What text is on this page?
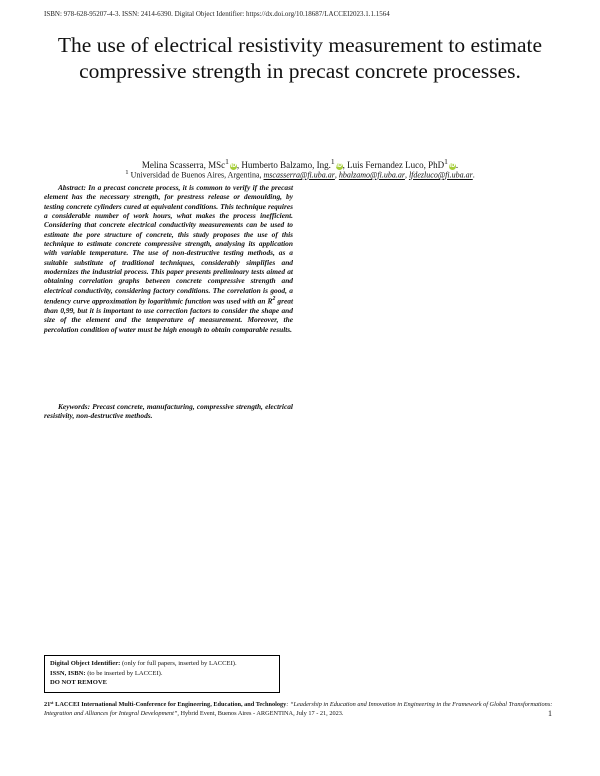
ISBN: 978-628-95207-4-3. ISSN: 2414-6390. Digital Object Identifier: https://dx.doi.org/10.18687/LACCEI2023.1.1.1564
The use of electrical resistivity measurement to estimate compressive strength in precast concrete processes.
Melina Scasserra, MSc$^1$ iD, Humberto Balzamo, Ing.$^1$ iD, Luis Fernandez Luco, PhD$^1$ iD.
$^1$ Universidad de Buenos Aires, Argentina, mscasserra@fi.uba.ar, hbalzamo@fi.uba.ar, lfdezluco@fi.uba.ar.

Abstract: In a precast concrete process, it is common to verify if the precast element has the necessary strength, for prestress release or demoulding, by testing concrete cylinders cured at equivalent conditions. This technique requires a considerable number of work hours, what makes the process inefficient. Considering that concrete electrical conductivity measurements can be used to estimate the pore structure of concrete, this study proposes the use of this technique to estimate concrete compressive strength, analysing its application with variable temperature. The use of non-destructive testing methods, as a suitable substitute of traditional techniques, considerably simplifies and modernizes the industrial process. This paper presents preliminary tests aimed at obtaining correlation graphs between concrete compressive strength and electrical conductivity, considering factory conditions. The correlation is good, a tendency curve approximation by logarithmic function was used with an $R^2$ great than 0,99, but it is important to use correction factors to consider the shape and size of the element and the temperature of measurement. Moreover, the percolation condition of water must be high enough to obtain comparable results.

Keywords: Precast concrete, manufacturing, compressive strength, electrical resistivity, non-destructive methods.

Digital Object Identifier: (only for full papers, inserted by LACCEI).
ISSN, ISBN: (to be inserted by LACCEI).
DO NOT REMOVE
21st LACCEI International Multi-Conference for Engineering, Education, and Technology: “Leadership in Education and Innovation in Engineering in the Framework of Global Transformations: Integration and Alliances for Integral Development”, Hybrid Event, Buenos Aires - ARGENTINA, July 17 - 21, 2023.	1
